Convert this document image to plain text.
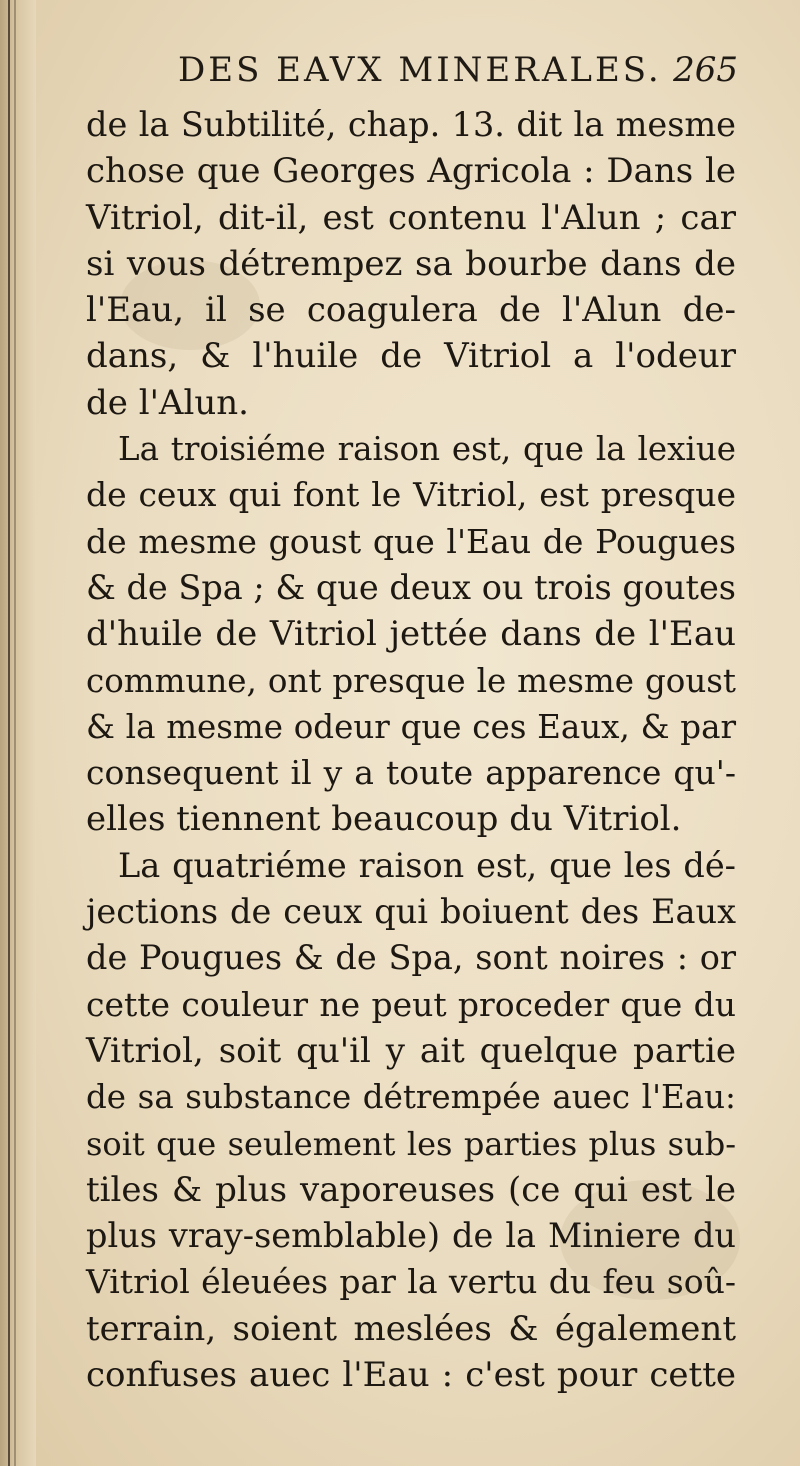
DES EAVX MINERALES. 265
de la Subtilité, chap. 13. dit la mesme
chose que Georges Agricola : Dans le
Vitriol, dit-il, est contenu l'Alun ; car
si vous détrempez sa bourbe dans de
l'Eau, il se coagulera de l'Alun de-
dans, & l'huile de Vitriol a l'odeur
de l'Alun.
La troisiéme raison est, que la lexiue
de ceux qui font le Vitriol, est presque
de mesme goust que l'Eau de Pougues
& de Spa ; & que deux ou trois goutes
d'huile de Vitriol jettée dans de l'Eau
commune, ont presque le mesme goust
& la mesme odeur que ces Eaux, & par
consequent il y a toute apparence qu'-
elles tiennent beaucoup du Vitriol.
La quatriéme raison est, que les dé-
jections de ceux qui boiuent des Eaux
de Pougues & de Spa, sont noires : or
cette couleur ne peut proceder que du
Vitriol, soit qu'il y ait quelque partie
de sa substance détrempée auec l'Eau:
soit que seulement les parties plus sub-
tiles & plus vaporeuses (ce qui est le
plus vray-semblable) de la Miniere du
Vitriol éleuées par la vertu du feu soû-
terrain, soient meslées & également
confuses auec l'Eau : c'est pour cette
